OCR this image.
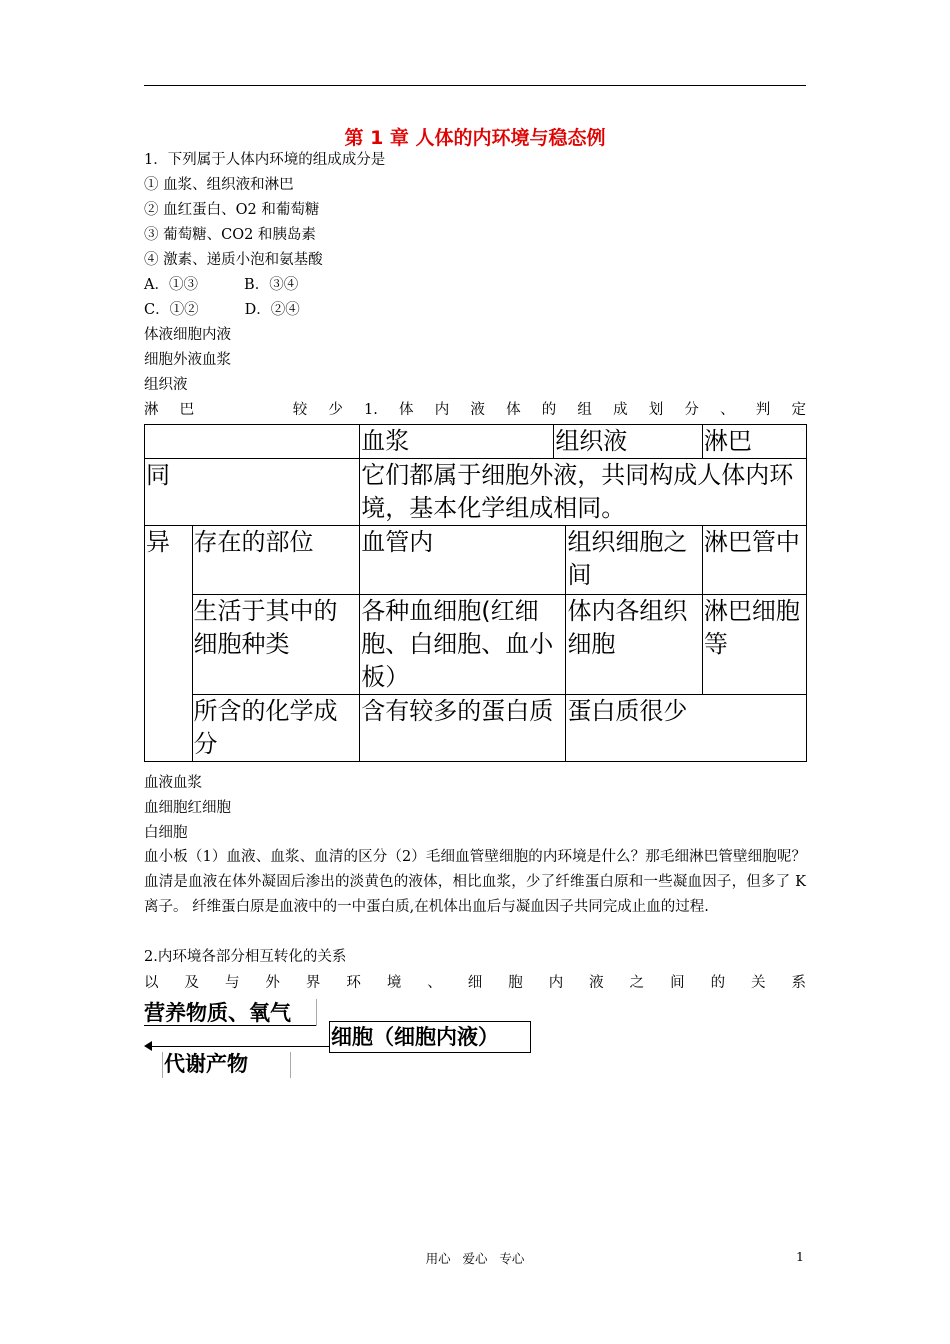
第 1 章 人体的内环境与稳态例
1．下列属于人体内环境的组成成分是
① 血浆、组织液和淋巴
② 血红蛋白、O2 和葡萄糖
③ 葡萄糖、CO2 和胰岛素
④ 激素、递质小泡和氨基酸
A．①③          B．③④
C．①②          D．②④
体液细胞内液
细胞外液血浆
组织液
淋 巴

	较 少 1. 体 内 液 体 的 组 成 划 分 、 判 定
		血浆	组织液		淋巴
同		它们都属于细胞外液，共同构成人体内环境，基本化学组成相同。			
异	存在的部位	血管内		组织细胞之间	淋巴管中
	生活于其中的细胞种类	各种血细胞(红细胞、白细胞、血小板）		体内各组织细胞	淋巴细胞等
	所含的化学成分	含有较多的蛋白质		蛋白质很少	
血液血浆
血细胞红细胞
白细胞
血小板（1）血液、血浆、血清的区分（2）毛细血管壁细胞的内环境是什么？那毛细淋巴管壁细胞呢？血清是血液在体外凝固后渗出的淡黄色的液体，相比血浆，少了纤维蛋白原和一些凝血因子，但多了 K 离子。 纤维蛋白原是血液中的一中蛋白质,在机体出血后与凝血因子共同完成止血的过程.
2.内环境各部分相互转化的关系
以 及 与 外 界 环 境 、 细 胞 内 液 之 间 的 关 系
营养物质、氧气
细胞（细胞内液）
代谢产物
用心   爱心   专心	1
